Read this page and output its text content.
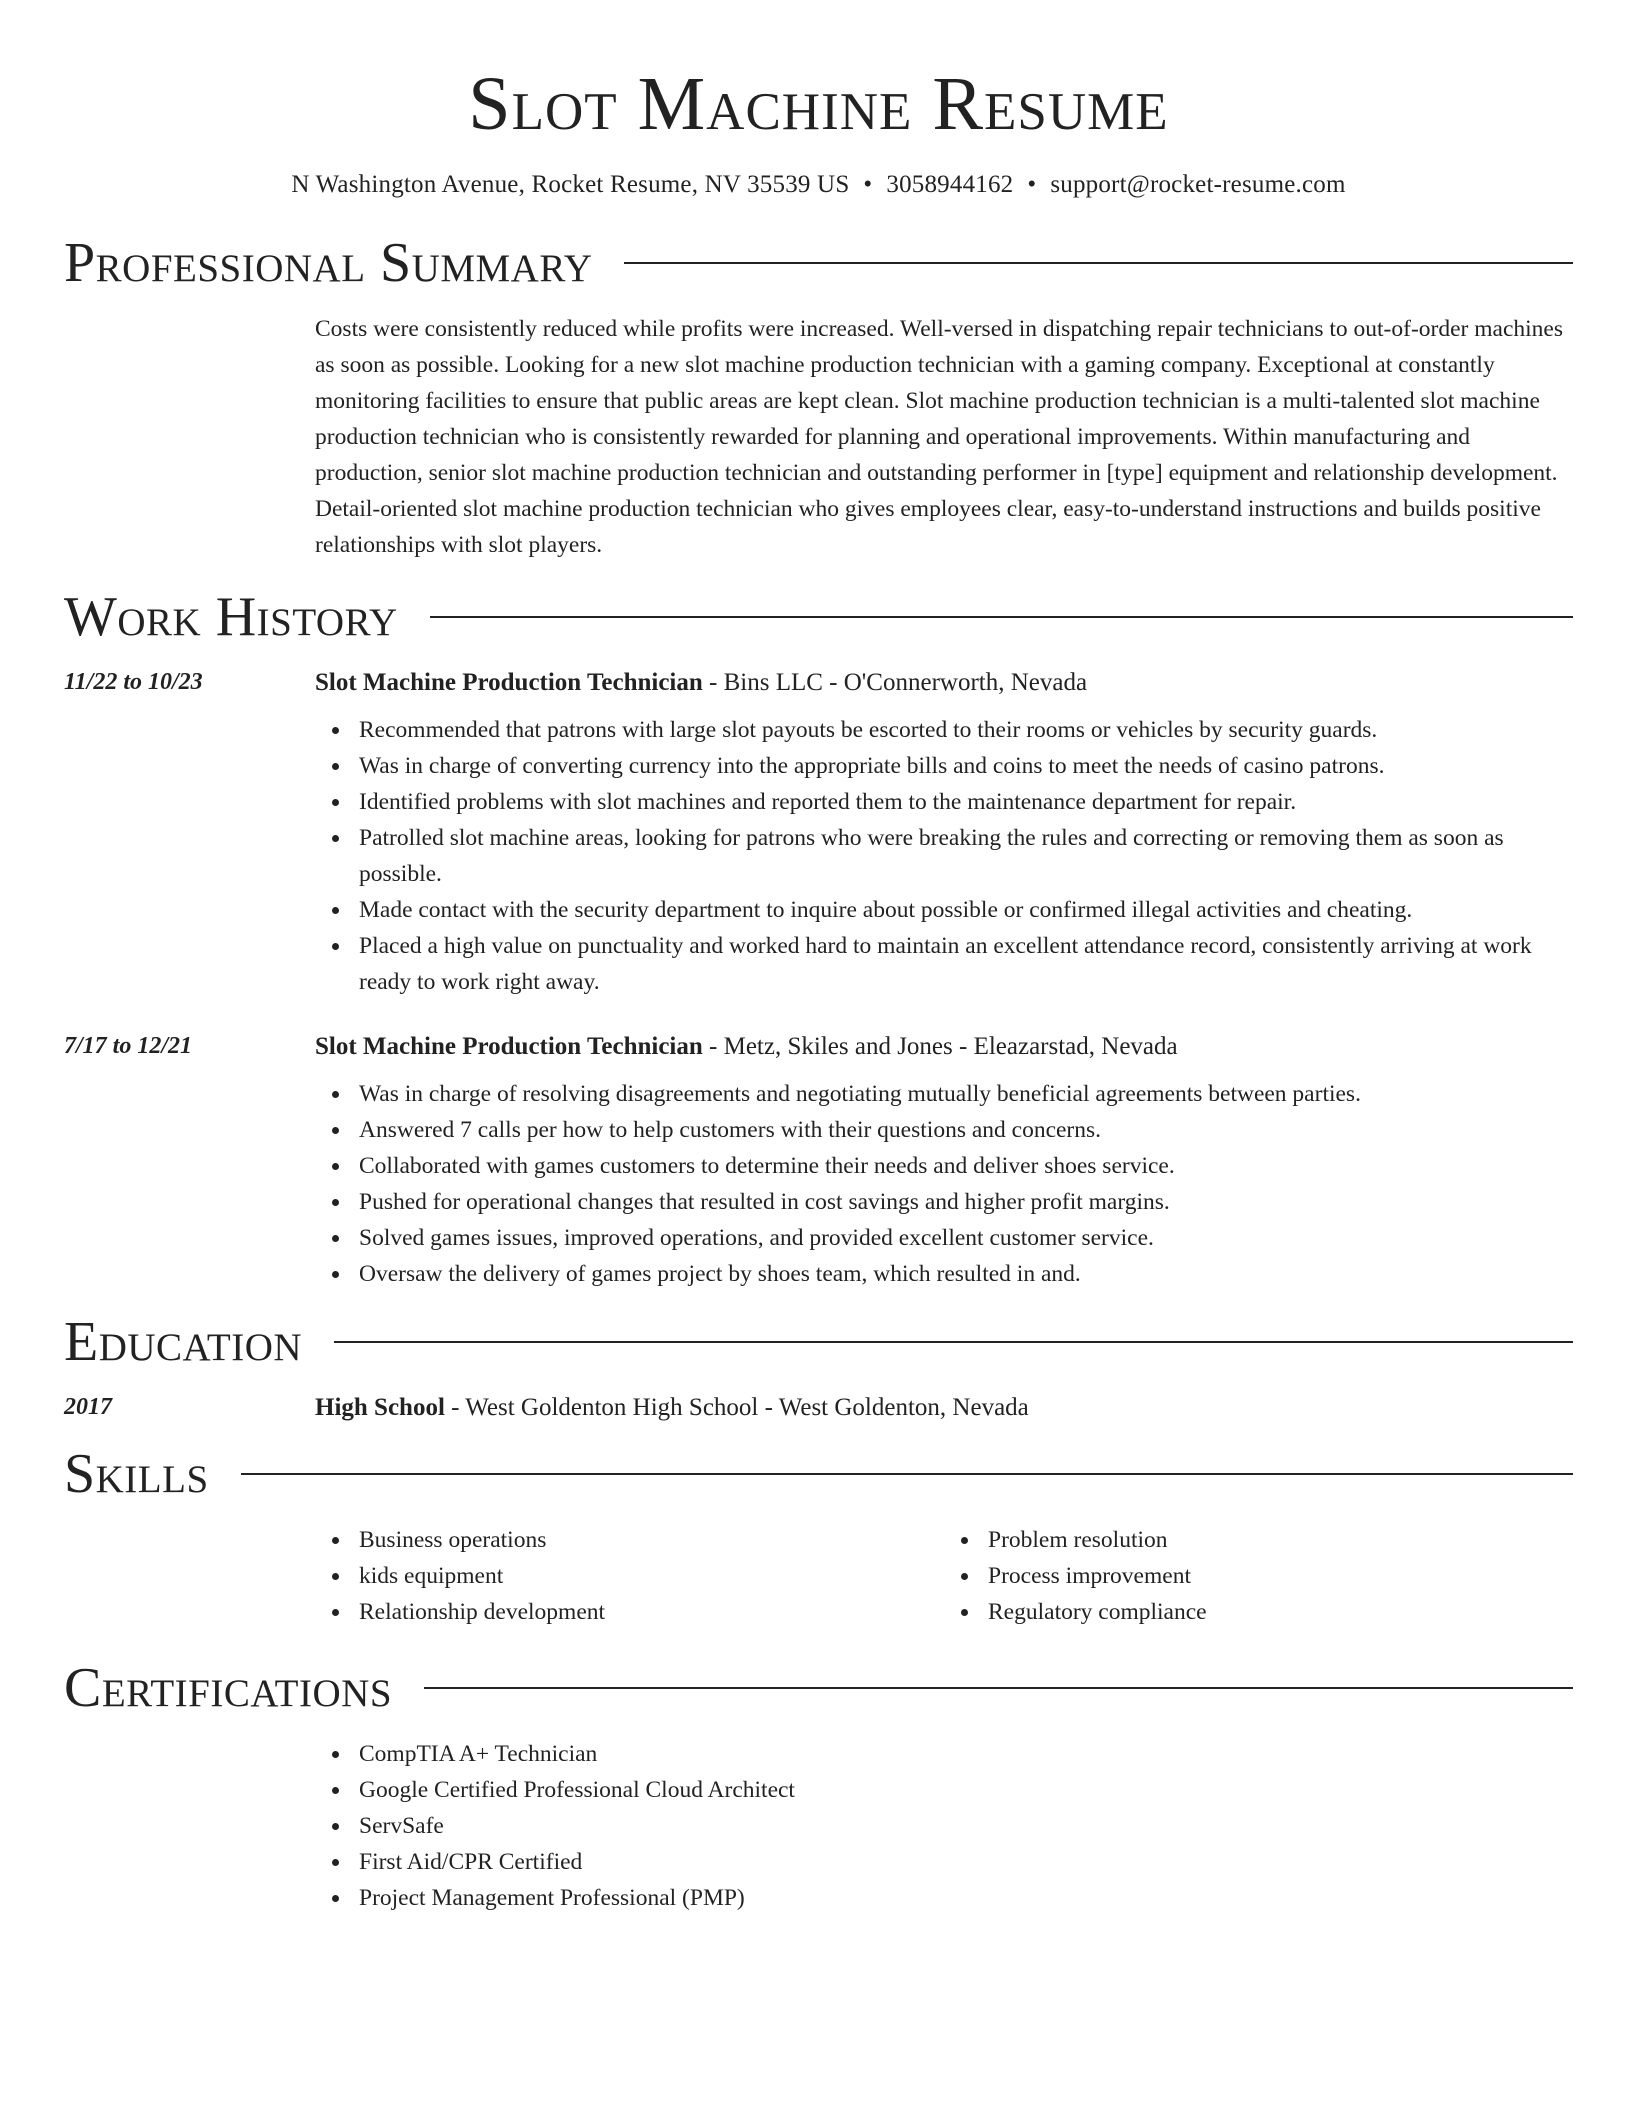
Slot Machine Resume
N Washington Avenue, Rocket Resume, NV 35539 US • 3058944162 • support@rocket-resume.com
Professional Summary
Costs were consistently reduced while profits were increased. Well-versed in dispatching repair technicians to out-of-order machines as soon as possible. Looking for a new slot machine production technician with a gaming company. Exceptional at constantly monitoring facilities to ensure that public areas are kept clean. Slot machine production technician is a multi-talented slot machine production technician who is consistently rewarded for planning and operational improvements. Within manufacturing and production, senior slot machine production technician and outstanding performer in [type] equipment and relationship development. Detail-oriented slot machine production technician who gives employees clear, easy-to-understand instructions and builds positive relationships with slot players.
Work History
11/22 to 10/23	Slot Machine Production Technician - Bins LLC - O'Connerworth, Nevada
Recommended that patrons with large slot payouts be escorted to their rooms or vehicles by security guards.
Was in charge of converting currency into the appropriate bills and coins to meet the needs of casino patrons.
Identified problems with slot machines and reported them to the maintenance department for repair.
Patrolled slot machine areas, looking for patrons who were breaking the rules and correcting or removing them as soon as possible.
Made contact with the security department to inquire about possible or confirmed illegal activities and cheating.
Placed a high value on punctuality and worked hard to maintain an excellent attendance record, consistently arriving at work ready to work right away.
7/17 to 12/21	Slot Machine Production Technician - Metz, Skiles and Jones - Eleazarstad, Nevada
Was in charge of resolving disagreements and negotiating mutually beneficial agreements between parties.
Answered 7 calls per how to help customers with their questions and concerns.
Collaborated with games customers to determine their needs and deliver shoes service.
Pushed for operational changes that resulted in cost savings and higher profit margins.
Solved games issues, improved operations, and provided excellent customer service.
Oversaw the delivery of games project by shoes team, which resulted in and.
Education
2017	High School - West Goldenton High School - West Goldenton, Nevada
Skills
Business operations
kids equipment
Relationship development
Problem resolution
Process improvement
Regulatory compliance
Certifications
CompTIA A+ Technician
Google Certified Professional Cloud Architect
ServSafe
First Aid/CPR Certified
Project Management Professional (PMP)
